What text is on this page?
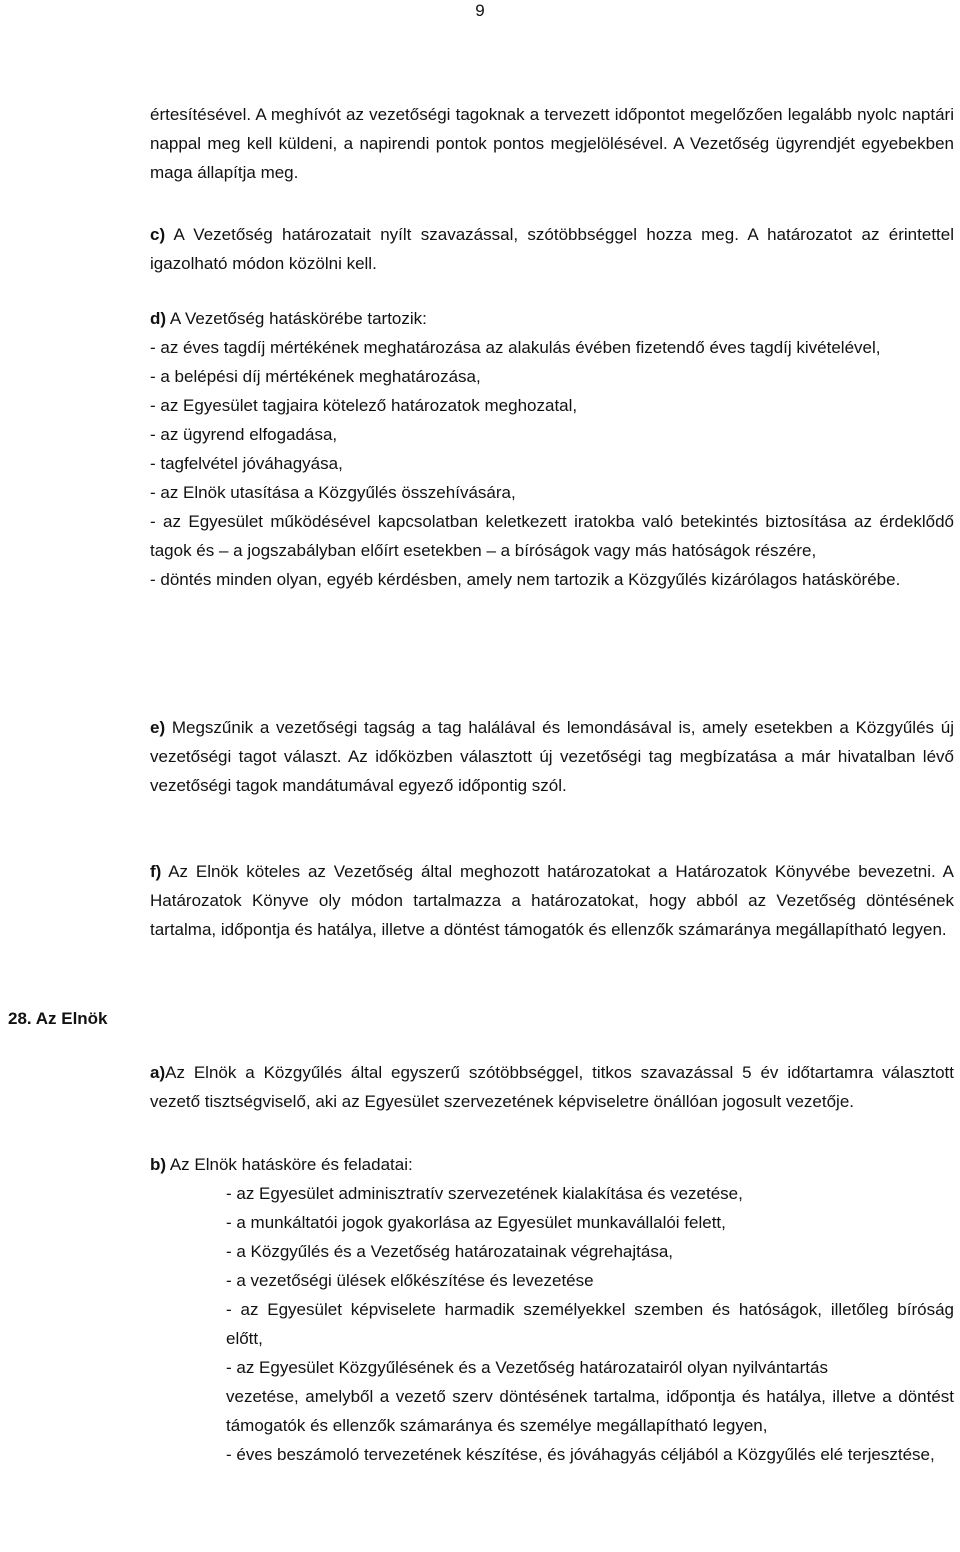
9
értesítésével. A meghívót az vezetőségi tagoknak a tervezett időpontot megelőzően legalább nyolc naptári nappal meg kell küldeni, a napirendi pontok pontos megjelölésével. A Vezetőség ügyrendjét egyebekben maga állapítja meg.
c) A Vezetőség határozatait nyílt szavazással, szótöbbséggel hozza meg. A határozatot az érintettel igazolható módon közölni kell.
d) A Vezetőség hatáskörébe tartozik:
- az éves tagdíj mértékének meghatározása az alakulás évében fizetendő éves tagdíj kivételével,
- a belépési díj mértékének meghatározása,
- az Egyesület tagjaira kötelező határozatok meghozatal,
- az ügyrend elfogadása,
- tagfelvétel jóváhagyása,
- az Elnök utasítása a Közgyűlés összehívására,
- az Egyesület működésével kapcsolatban keletkezett iratokba való betekintés biztosítása az érdeklődő tagok és – a jogszabályban előírt esetekben – a bíróságok vagy más hatóságok részére,
- döntés minden olyan, egyéb kérdésben, amely nem tartozik a Közgyűlés kizárólagos hatáskörébe.
e) Megszűnik a vezetőségi tagság a tag halálával és lemondásával is, amely esetekben a Közgyűlés új vezetőségi tagot választ. Az időközben választott új vezetőségi tag megbízatása a már hivatalban lévő vezetőségi tagok mandátumával egyező időpontig szól.
f) Az Elnök köteles az Vezetőség által meghozott határozatokat a Határozatok Könyvébe bevezetni. A Határozatok Könyve oly módon tartalmazza a határozatokat, hogy abból az Vezetőség döntésének tartalma, időpontja és hatálya, illetve a döntést támogatók és ellenzők számaránya megállapítható legyen.
28. Az Elnök
a)Az Elnök a Közgyűlés által egyszerű szótöbbséggel, titkos szavazással 5 év időtartamra választott vezető tisztségviselő, aki az Egyesület szervezetének képviseletre önállóan jogosult vezetője.
b) Az Elnök hatásköre és feladatai:
- az Egyesület adminisztratív szervezetének kialakítása és vezetése,
- a munkáltatói jogok gyakorlása az Egyesület munkavállalói felett,
- a Közgyűlés és a Vezetőség határozatainak végrehajtása,
- a vezetőségi ülések előkészítése és levezetése
- az Egyesület képviselete harmadik személyekkel szemben és hatóságok, illetőleg bíróság előtt,
- az Egyesület Közgyűlésének és a Vezetőség határozatairól olyan nyilvántartás
vezetése, amelyből a vezető szerv döntésének tartalma, időpontja és hatálya, illetve a döntést támogatók és ellenzők számaránya és személye megállapítható legyen,
- éves beszámoló tervezetének készítése, és jóváhagyás céljából a Közgyűlés elé terjesztése,
